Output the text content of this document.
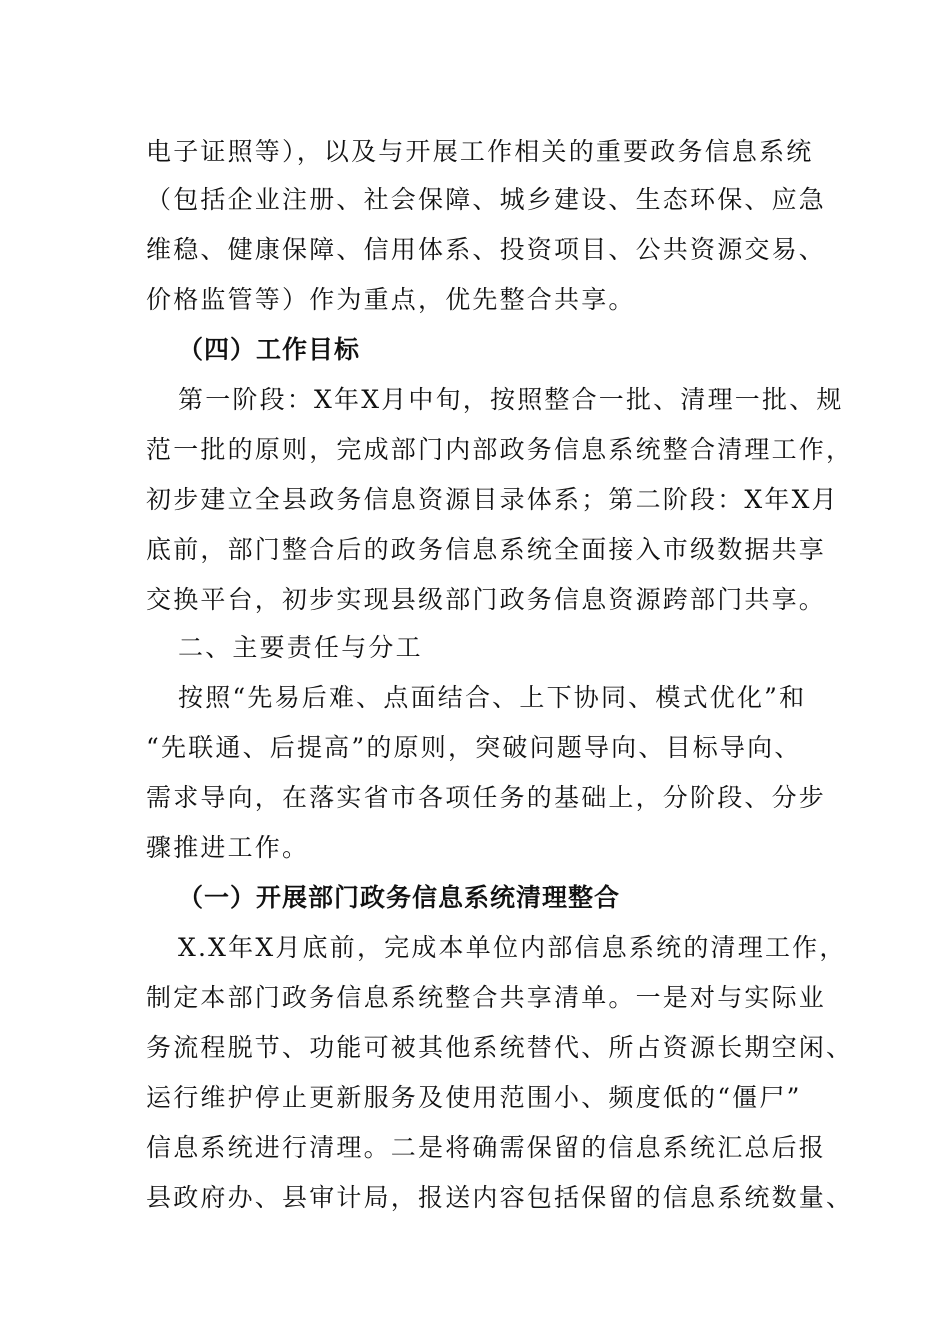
电子证照等），以及与开展工作相关的重要政务信息系统
（包括企业注册、社会保障、城乡建设、生态环保、应急
维稳、健康保障、信用体系、投资项目、公共资源交易、
价格监管等）作为重点，优先整合共享。
（四）工作目标
第一阶段：X年X月中旬，按照整合一批、清理一批、规
范一批的原则，完成部门内部政务信息系统整合清理工作，
初步建立全县政务信息资源目录体系；第二阶段：X年X月
底前，部门整合后的政务信息系统全面接入市级数据共享
交换平台，初步实现县级部门政务信息资源跨部门共享。
二、主要责任与分工
按照“先易后难、点面结合、上下协同、模式优化”和
“先联通、后提高”的原则，突破问题导向、目标导向、
需求导向，在落实省市各项任务的基础上，分阶段、分步
骤推进工作。
（一）开展部门政务信息系统清理整合
X.X年X月底前，完成本单位内部信息系统的清理工作，
制定本部门政务信息系统整合共享清单。一是对与实际业
务流程脱节、功能可被其他系统替代、所占资源长期空闲、
运行维护停止更新服务及使用范围小、频度低的“僵尸”
信息系统进行清理。二是将确需保留的信息系统汇总后报
县政府办、县审计局，报送内容包括保留的信息系统数量、
